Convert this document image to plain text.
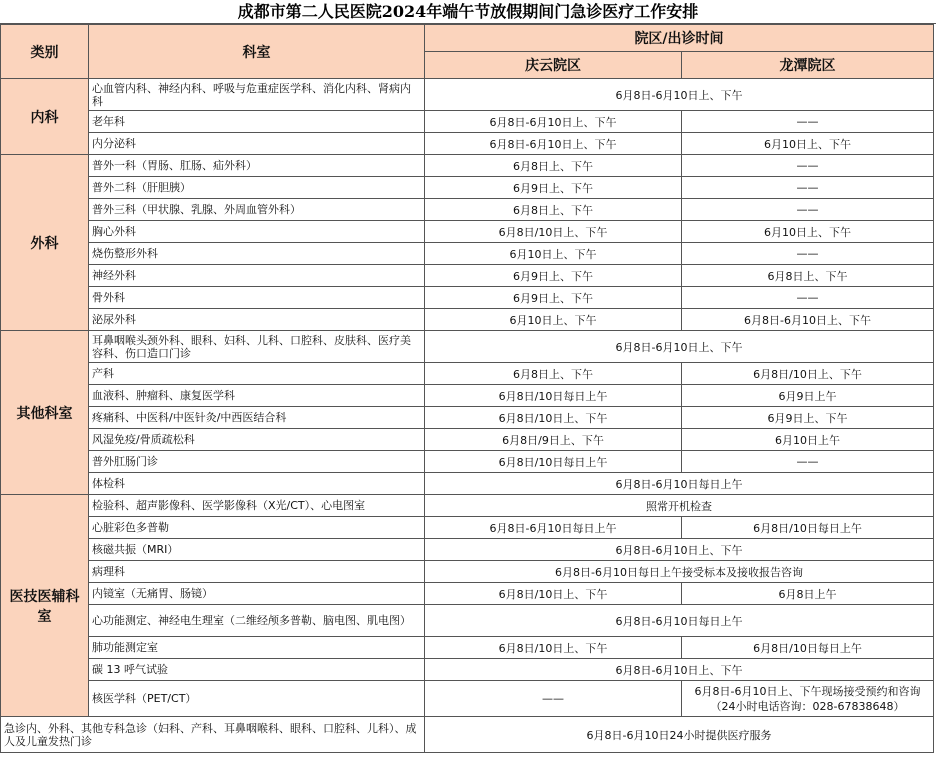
成都市第二人民医院2024年端午节放假期间门急诊医疗工作安排
类别	科室	院区/出诊时间	
		庆云院区	龙潭院区
内科	心血管内科、神经内科、呼吸与危重症医学科、消化内科、肾病内科	6月8日-6月10日上、下午	
	老年科	6月8日-6月10日上、下午	——
	内分泌科	6月8日-6月10日上、下午	6月10日上、下午
外科	普外一科（胃肠、肛肠、疝外科）	6月8日上、下午	——
	普外二科（肝胆胰）	6月9日上、下午	——
	普外三科（甲状腺、乳腺、外周血管外科）	6月8日上、下午	——
	胸心外科	6月8日/10日上、下午	6月10日上、下午
	烧伤整形外科	6月10日上、下午	——
	神经外科	6月9日上、下午	6月8日上、下午
	骨外科	6月9日上、下午	——
	泌尿外科	6月10日上、下午	6月8日-6月10日上、下午
其他科室	耳鼻咽喉头颈外科、眼科、妇科、儿科、口腔科、皮肤科、医疗美容科、伤口造口门诊	6月8日-6月10日上、下午	
	产科	6月8日上、下午	6月8日/10日上、下午
	血液科、肿瘤科、康复医学科	6月8日/10日每日上午	6月9日上午
	疼痛科、中医科/中医针灸/中西医结合科	6月8日/10日上、下午	6月9日上、下午
	风湿免疫/骨质疏松科	6月8日/9日上、下午	6月10日上午
	普外肛肠门诊	6月8日/10日每日上午	——
	体检科	6月8日-6月10日每日上午	
医技医辅科室	检验科、超声影像科、医学影像科（X光/CT）、心电图室	照常开机检查	
	心脏彩色多普勒	6月8日-6月10日每日上午	6月8日/10日每日上午
	核磁共振（MRI）	6月8日-6月10日上、下午	
	病理科	6月8日-6月10日每日上午接受标本及接收报告咨询	
	内镜室（无痛胃、肠镜）	6月8日/10日上、下午	6月8日上午
	心功能测定、神经电生理室（二维经颅多普勒、脑电图、肌电图）	6月8日-6月10日每日上午	
	肺功能测定室	6月8日/10日上、下午	6月8日/10日每日上午
	碳 13 呼气试验	6月8日-6月10日上、下午	
	核医学科（PET/CT）	——	6月8日-6月10日上、下午现场接受预约和咨询
（24小时电话咨询：028-67838648）

急诊内、外科、其他专科急诊（妇科、产科、耳鼻咽喉科、眼科、口腔科、儿科）、成人及儿童发热门诊		6月8日-6月10日24小时提供医疗服务	
